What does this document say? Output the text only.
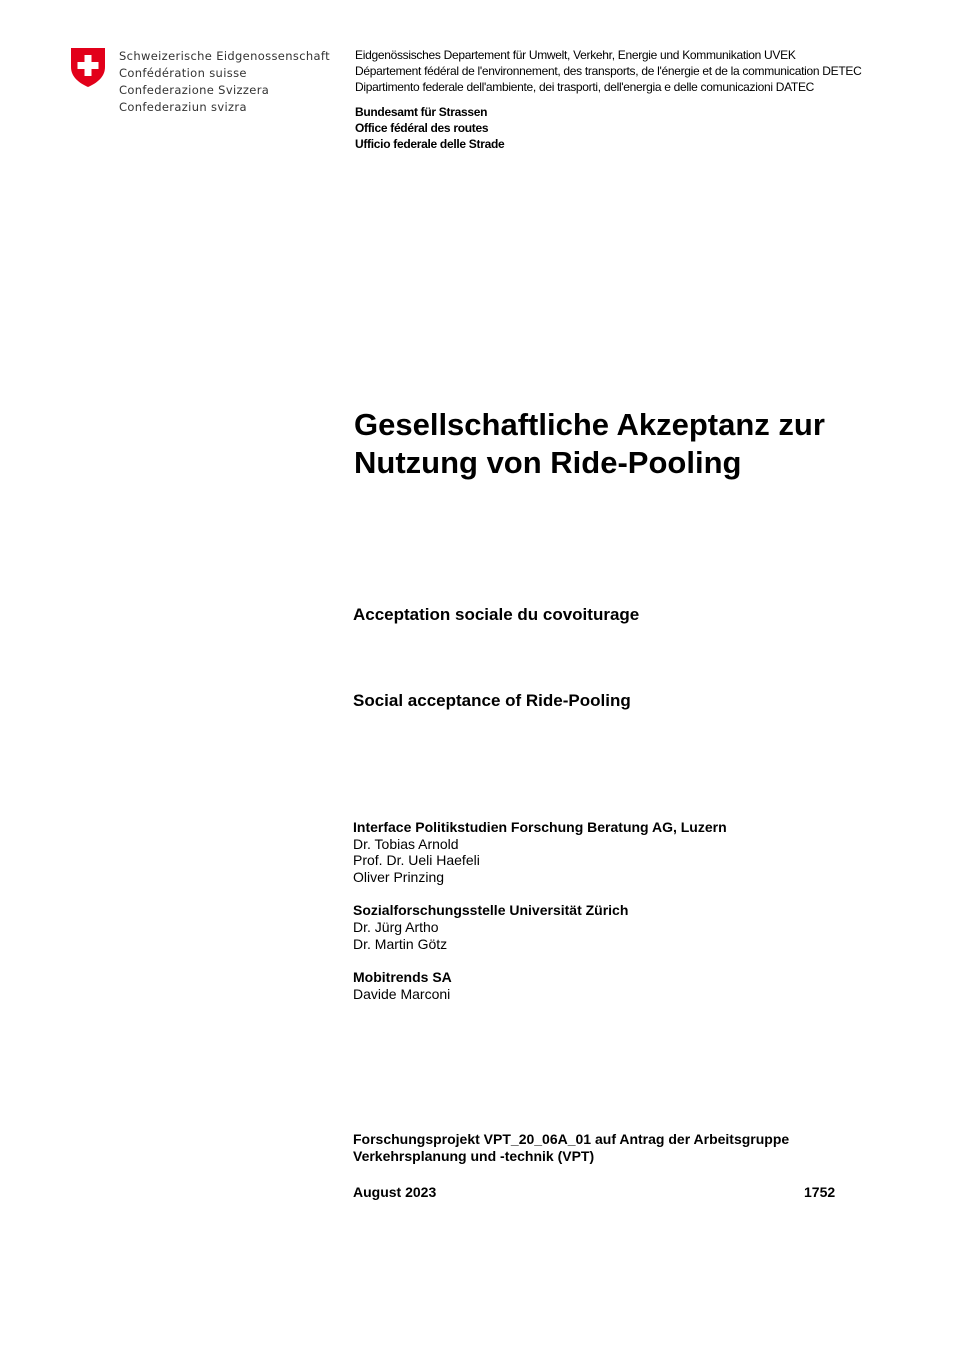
Schweizerische Eidgenossenschaft
Confédération suisse
Confederazione Svizzera
Confederaziun svizra
Eidgenössisches Departement für Umwelt, Verkehr, Energie und Kommunikation UVEK
Département fédéral de l'environnement, des transports, de l'énergie et de la communication DETEC
Dipartimento federale dell'ambiente, dei trasporti, dell'energia e delle comunicazioni DATEC
Bundesamt für Strassen
Office fédéral des routes
Ufficio federale delle Strade
Gesellschaftliche Akzeptanz zur
Nutzung von Ride-Pooling
Acceptation sociale du covoiturage
Social acceptance of Ride-Pooling
Interface Politikstudien Forschung Beratung AG, Luzern
Dr. Tobias Arnold
Prof. Dr. Ueli Haefeli
Oliver Prinzing
Sozialforschungsstelle Universität Zürich
Dr. Jürg Artho
Dr. Martin Götz
Mobitrends SA
Davide Marconi
Forschungsprojekt VPT_20_06A_01 auf Antrag der Arbeitsgruppe
Verkehrsplanung und -technik (VPT)
August 2023	1752
